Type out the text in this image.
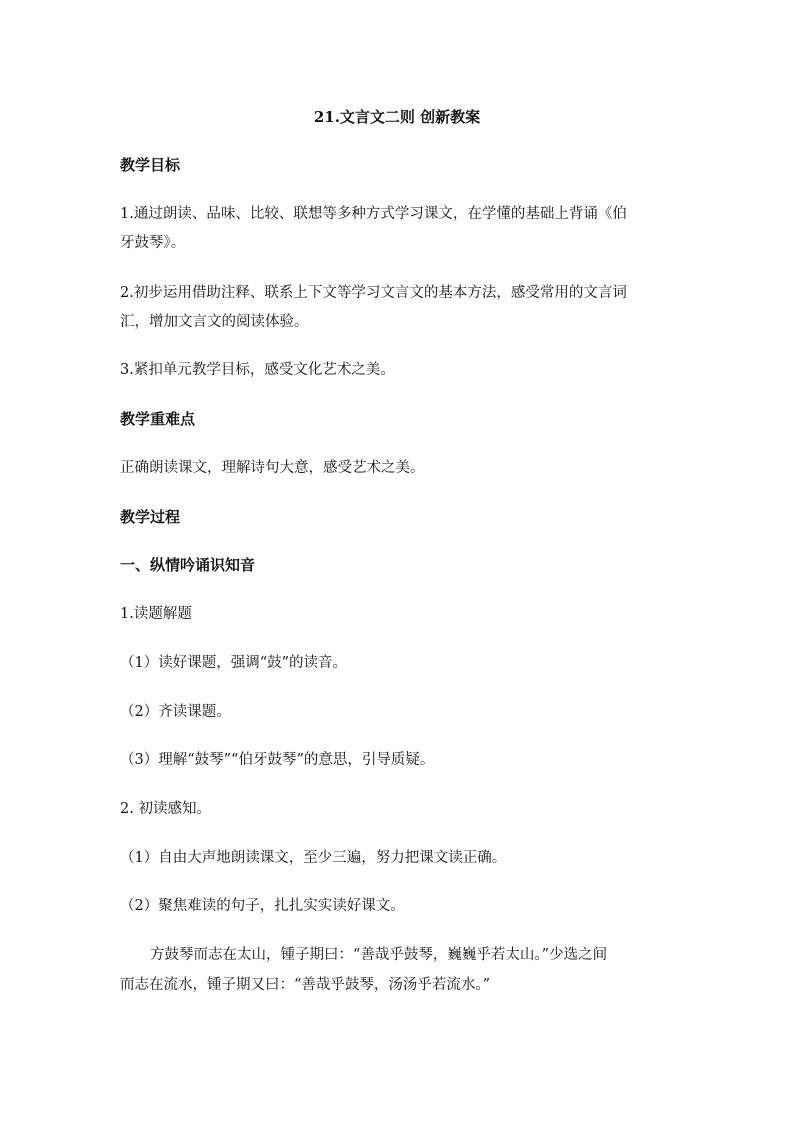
21.文言文二则 创新教案
教学目标
1.通过朗读、品味、比较、联想等多种方式学习课文，在学懂的基础上背诵《伯
牙鼓琴》。
2.初步运用借助注释、联系上下文等学习文言文的基本方法，感受常用的文言词
汇，增加文言文的阅读体验。
3.紧扣单元教学目标，感受文化艺术之美。
教学重难点
正确朗读课文，理解诗句大意，感受艺术之美。
教学过程
一、纵情吟诵识知音
1.读题解题
（1）读好课题，强调“鼓”的读音。
（2）齐读课题。
（3）理解“鼓琴”“伯牙鼓琴”的意思，引导质疑。
2. 初读感知。
（1）自由大声地朗读课文，至少三遍，努力把课文读正确。
（2）聚焦难读的句子，扎扎实实读好课文。
方鼓琴而志在太山，锺子期曰：“善哉乎鼓琴，巍巍乎若太山。”少选之间
而志在流水，锺子期又曰：“善哉乎鼓琴，汤汤乎若流水。”
